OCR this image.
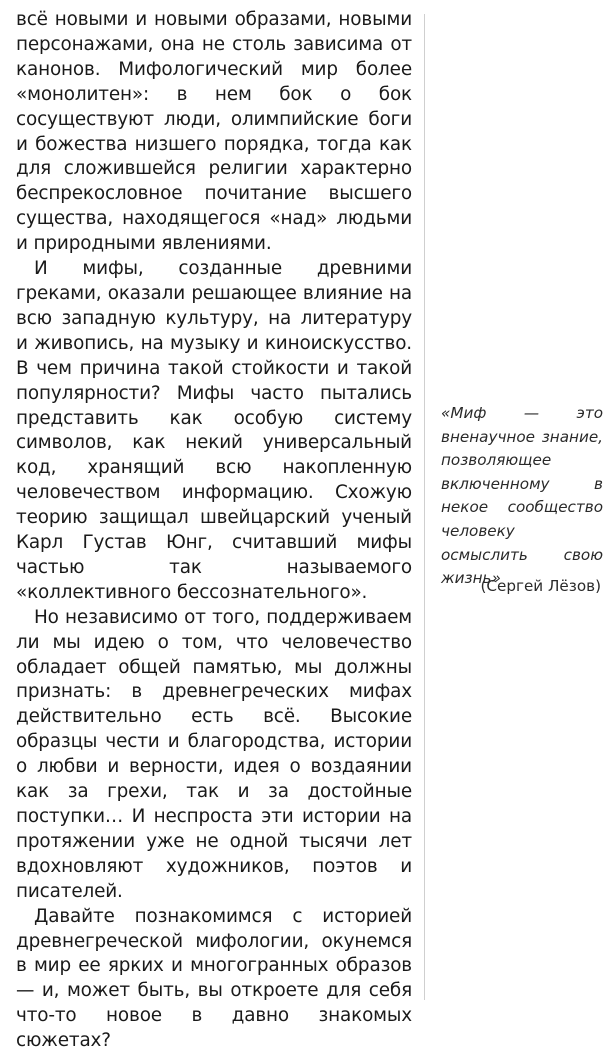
всё новыми и новыми образами, новыми персонажами, она не столь зависима от канонов. Мифологический мир более «монолитен»: в нем бок о бок сосуществуют люди, олимпийские боги и божества низшего порядка, тогда как для сложившейся религии характерно беспрекословное почитание высшего существа, находящегося «над» людьми и природными явлениями.

И мифы, созданные древними греками, оказали решающее влияние на всю западную культуру, на литературу и живопись, на музыку и киноискусство. В чем причина такой стойкости и такой популярности? Мифы часто пытались представить как особую систему символов, как некий универсальный код, хранящий всю накопленную человечеством информацию. Схожую теорию защищал швейцарский ученый Карл Густав Юнг, считавший мифы частью так называемого «коллективного бессознательного».

Но независимо от того, поддерживаем ли мы идею о том, что человечество обладает общей памятью, мы должны признать: в древнегреческих мифах действительно есть всё. Высокие образцы чести и благородства, истории о любви и верности, идея о воздаянии как за грехи, так и за достойные поступки… И неспроста эти истории на протяжении уже не одной тысячи лет вдохновляют художников, поэтов и писателей.

Давайте познакомимся с историей древнегреческой мифологии, окунемся в мир ее ярких и многогранных образов — и, может быть, вы откроете для себя что-то новое в давно знакомых сюжетах?

«Миф — это вненаучное знание, позволяющее включенному в некое сообщество человеку осмыслить свою жизнь»
(Сергей Лёзов)
